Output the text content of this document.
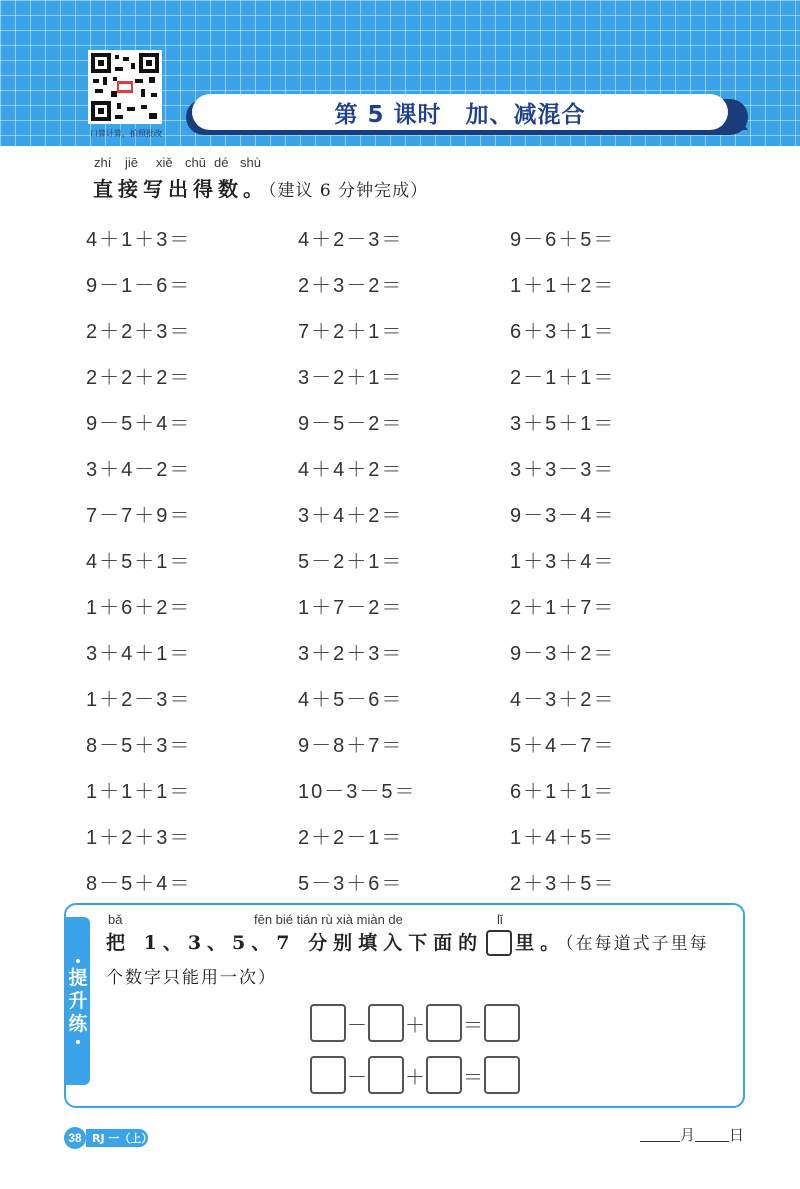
口算计算，拍照批改
第 5 课时　加、减混合
zhí jiē xiě chū dé shù
直接写出得数。（建议 6 分钟完成）
4＋1＋3＝	4＋2－3＝	9－6＋5＝
9－1－6＝	2＋3－2＝	1＋1＋2＝
2＋2＋3＝	7＋2＋1＝	6＋3＋1＝
2＋2＋2＝	3－2＋1＝	2－1＋1＝
9－5＋4＝	9－5－2＝	3＋5＋1＝
3＋4－2＝	4＋4＋2＝	3＋3－3＝
7－7＋9＝	3＋4＋2＝	9－3－4＝
4＋5＋1＝	5－2＋1＝	1＋3＋4＝
1＋6＋2＝	1＋7－2＝	2＋1＋7＝
3＋4＋1＝	3＋2＋3＝	9－3＋2＝
1＋2－3＝	4＋5－6＝	4－3＋2＝
8－5＋3＝	9－8＋7＝	5＋4－7＝
1＋1＋1＝	10－3－5＝	6＋1＋1＝
1＋2＋3＝	2＋2－1＝	1＋4＋5＝
8－5＋4＝	5－3＋6＝	2＋3＋5＝
提
升
练
bǎ	fēn bié tián rù xià miàn de	lǐ
把 1、3、5、7 分别填入下面的 里。（在每道式子里每
个数字只能用一次）
－ ＋ ＝
－ ＋ ＝
RJ 一（上）
38	月 日
